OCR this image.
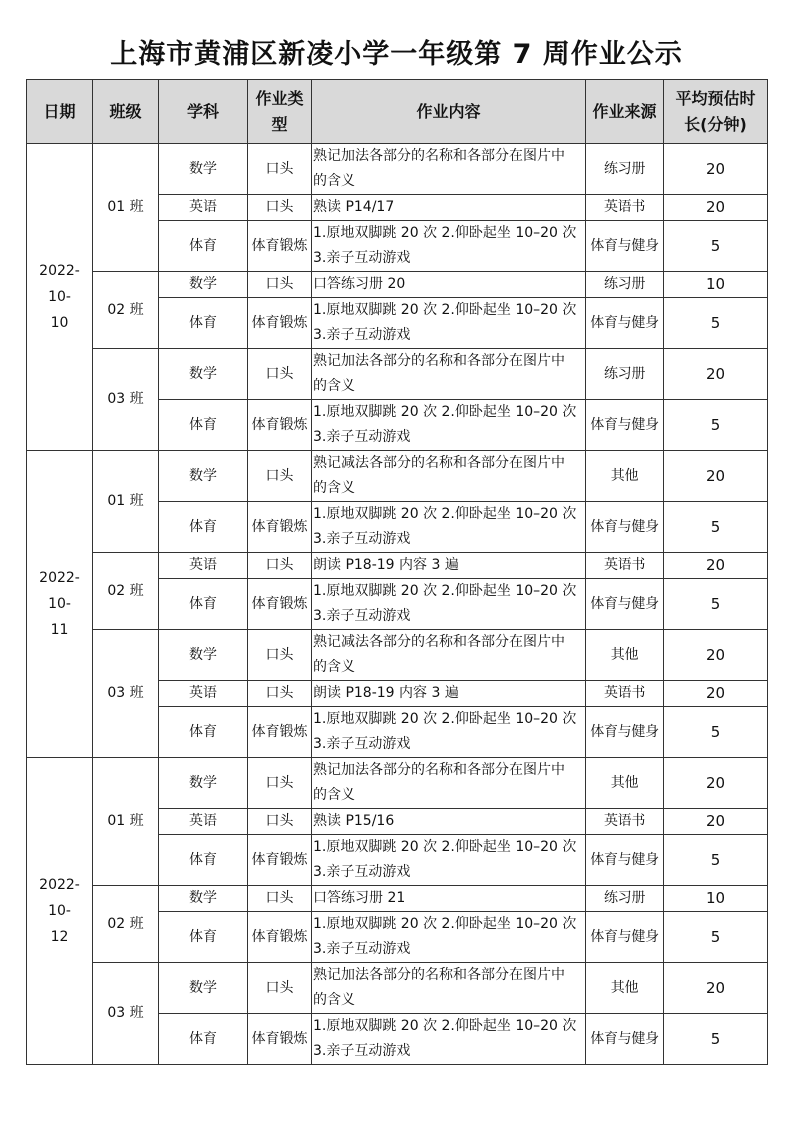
上海市黄浦区新凌小学一年级第 7 周作业公示
日期	班级	学科	作业类
型	作业内容	作业来源	平均预估时
长(分钟)
2022-10-
10	01 班	数学	口头	熟记加法各部分的名称和各部分在图片中
的含义	练习册	20
		英语	口头	熟读 P14/17	英语书	20
		体育	体育锻炼	1.原地双脚跳 20 次 2.仰卧起坐 10–20 次
3.亲子互动游戏	体育与健身	5
	02 班	数学	口头	口答练习册 20	练习册	10
		体育	体育锻炼	1.原地双脚跳 20 次 2.仰卧起坐 10–20 次
3.亲子互动游戏	体育与健身	5
	03 班	数学	口头	熟记加法各部分的名称和各部分在图片中
的含义	练习册	20
		体育	体育锻炼	1.原地双脚跳 20 次 2.仰卧起坐 10–20 次
3.亲子互动游戏	体育与健身	5
2022-10-
11	01 班	数学	口头	熟记减法各部分的名称和各部分在图片中
的含义	其他	20
		体育	体育锻炼	1.原地双脚跳 20 次 2.仰卧起坐 10–20 次
3.亲子互动游戏	体育与健身	5
	02 班	英语	口头	朗读 P18-19 内容 3 遍	英语书	20
		体育	体育锻炼	1.原地双脚跳 20 次 2.仰卧起坐 10–20 次
3.亲子互动游戏	体育与健身	5
	03 班	数学	口头	熟记减法各部分的名称和各部分在图片中
的含义	其他	20
		英语	口头	朗读 P18-19 内容 3 遍	英语书	20
		体育	体育锻炼	1.原地双脚跳 20 次 2.仰卧起坐 10–20 次
3.亲子互动游戏	体育与健身	5
2022-10-
12	01 班	数学	口头	熟记加法各部分的名称和各部分在图片中
的含义	其他	20
		英语	口头	熟读 P15/16	英语书	20
		体育	体育锻炼	1.原地双脚跳 20 次 2.仰卧起坐 10–20 次
3.亲子互动游戏	体育与健身	5
	02 班	数学	口头	口答练习册 21	练习册	10
		体育	体育锻炼	1.原地双脚跳 20 次 2.仰卧起坐 10–20 次
3.亲子互动游戏	体育与健身	5
	03 班	数学	口头	熟记加法各部分的名称和各部分在图片中
的含义	其他	20
		体育	体育锻炼	1.原地双脚跳 20 次 2.仰卧起坐 10–20 次
3.亲子互动游戏	体育与健身	5
